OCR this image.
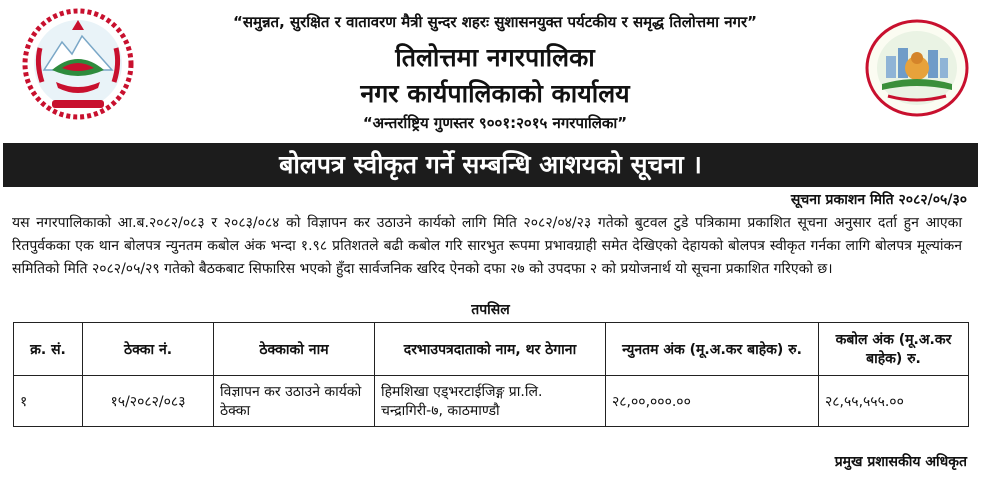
“समुन्नत, सुरक्षित र वातावरण मैत्री सुन्दर शहरः सुशासनयुक्त पर्यटकीय र समृद्ध तिलोत्तमा नगर”
तिलोत्तमा नगरपालिका
नगर कार्यपालिकाको कार्यालय
“अन्तर्राष्ट्रिय गुणस्तर ९००१:२०१५ नगरपालिका”
बोलपत्र स्वीकृत गर्ने सम्बन्धि आशयको सूचना ।
सूचना प्रकाशन मिति २०८२/०५/३०
यस नगरपालिकाको आ.ब.२०८२/०८३ र २०८३/०८४ को विज्ञापन कर उठाउने कार्यको लागि मिति २०८२/०४/२३ गतेको बुटवल टुडे पत्रिकामा प्रकाशित सूचना अनुसार दर्ता हुन आएका रितपुर्वकका एक थान बोलपत्र न्युनतम कबोल अंक भन्दा १.९८ प्रतिशतले बढी कबोल गरि सारभुत रूपमा प्रभावग्राही समेत देखिएको देहायको बोलपत्र स्वीकृत गर्नका लागि बोलपत्र मूल्यांकन समितिको मिति २०८२/०५/२९ गतेको बैठकबाट सिफारिस भएको हुँदा सार्वजनिक खरिद ऐनको दफा २७ को उपदफा २ को प्रयोजनार्थ यो सूचना प्रकाशित गरिएको छ।
तपसिल
क्र. सं.	ठेक्का नं.	ठेक्काको नाम	दरभाउपत्रदाताको नाम, थर ठेगाना	न्युनतम अंक (मू.अ.कर बाहेक) रु.	कबोल अंक (मू.अ.कर बाहेक) रु.
१	१५/२०८२/०८३	विज्ञापन कर उठाउने कार्यको ठेक्का	हिमशिखा एड्भरटाईजिङ्ग प्रा.लि. चन्द्रागिरी-७, काठमाण्डौ	२८,००,०००.००	२८,५५,५५५.००
प्रमुख प्रशासकीय अधिकृत
